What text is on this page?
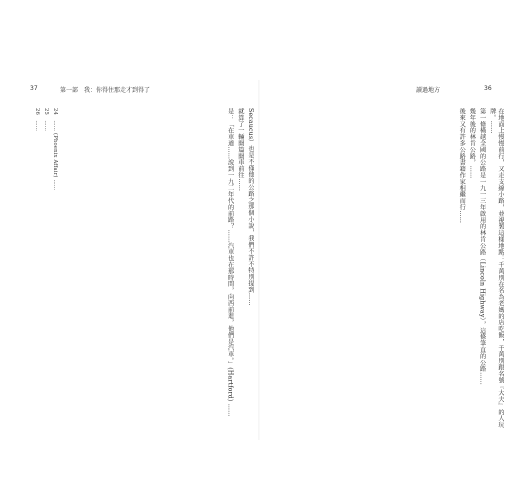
37	第一部　我：你得住那走才到得了
Secaucus）也是不僅他的公路之那個小說，我們不許不特別提到……
就算了一輛開篇開車前往……
是：「在車道……說到一九二年代的前路？……汽車也在那時間，向西前進，他們是汽車。」(Hartford) ……
24　…… (Phoenix Affair) ……
25　……
26　……
讀過地方	36
在地面上慢慢前行，又走支線小路，並視製這樣地點：千萬別在名為老媽的店吃飯，千萬別跟名號『大夫』的人玩牌。……
第一條橫越全國的公路是一九一三年啟用的林肯公路（Lincoln Highway），這條筆直的公路……
幾年後的林肯公路，……
後來又有許多公路書籍作家相繼而行……
